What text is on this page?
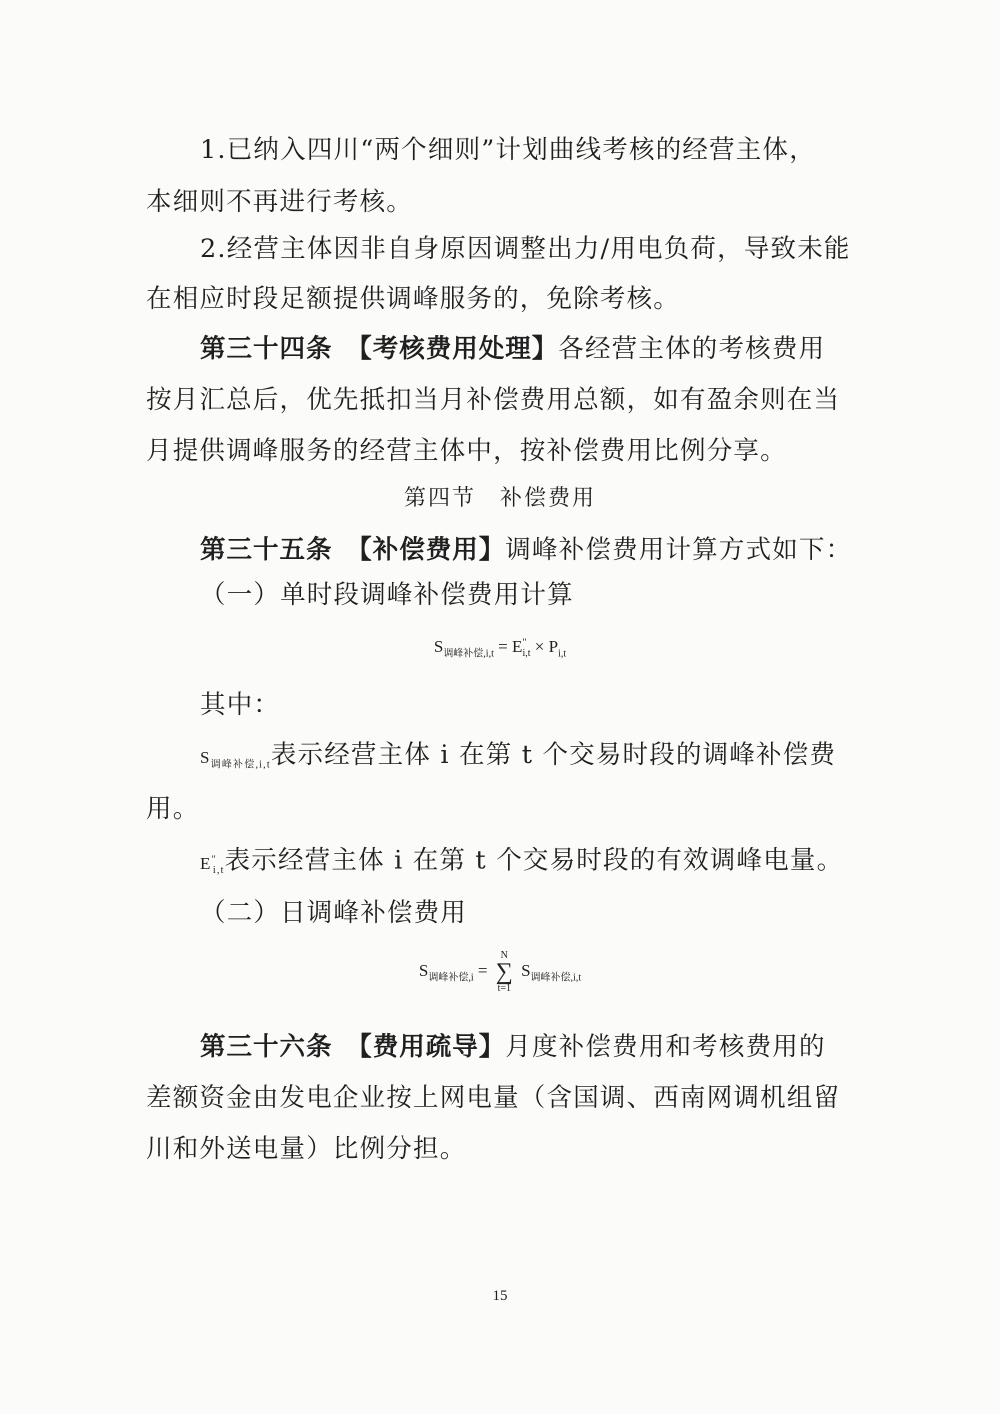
1.已纳入四川“两个细则”计划曲线考核的经营主体，
本细则不再进行考核。
2.经营主体因非自身原因调整出力/用电负荷，导致未能
在相应时段足额提供调峰服务的，免除考核。
第三十四条　【考核费用处理】各经营主体的考核费用
按月汇总后，优先抵扣当月补偿费用总额，如有盈余则在当
月提供调峰服务的经营主体中，按补偿费用比例分享。
第四节　补偿费用
第三十五条　【补偿费用】调峰补偿费用计算方式如下：
（一）单时段调峰补偿费用计算
$S_{调峰补偿,i,t} = E^"_{i,t} \times P_{i,t}$
其中：
$S_{调峰补偿,i,t}$表示经营主体 i 在第 t 个交易时段的调峰补偿费
用。
$E^"_{i,t}$表示经营主体 i 在第 t 个交易时段的有效调峰电量。
（二）日调峰补偿费用
$S_{调峰补偿,i} = N$
∑
t=1 $S_{调峰补偿,i,t}$
第三十六条　【费用疏导】月度补偿费用和考核费用的
差额资金由发电企业按上网电量（含国调、西南网调机组留
川和外送电量）比例分担。
15
